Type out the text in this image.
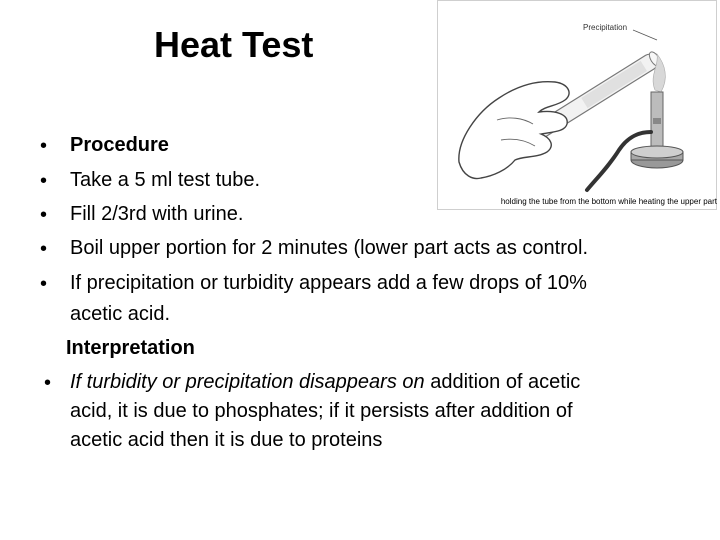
Heat Test	Precipitation
holding the tube from the bottom while heating the upper part
• Procedure
• Take a 5 ml test tube.
• Fill 2/3rd with urine.
• Boil upper portion for 2 minutes (lower part acts as control.
• If precipitation or turbidity appears add a few drops of 10%
acetic acid.
Interpretation
• If turbidity or precipitation disappears on addition of acetic
acid, it is due to phosphates; if it persists after addition of
acetic acid then it is due to proteins
